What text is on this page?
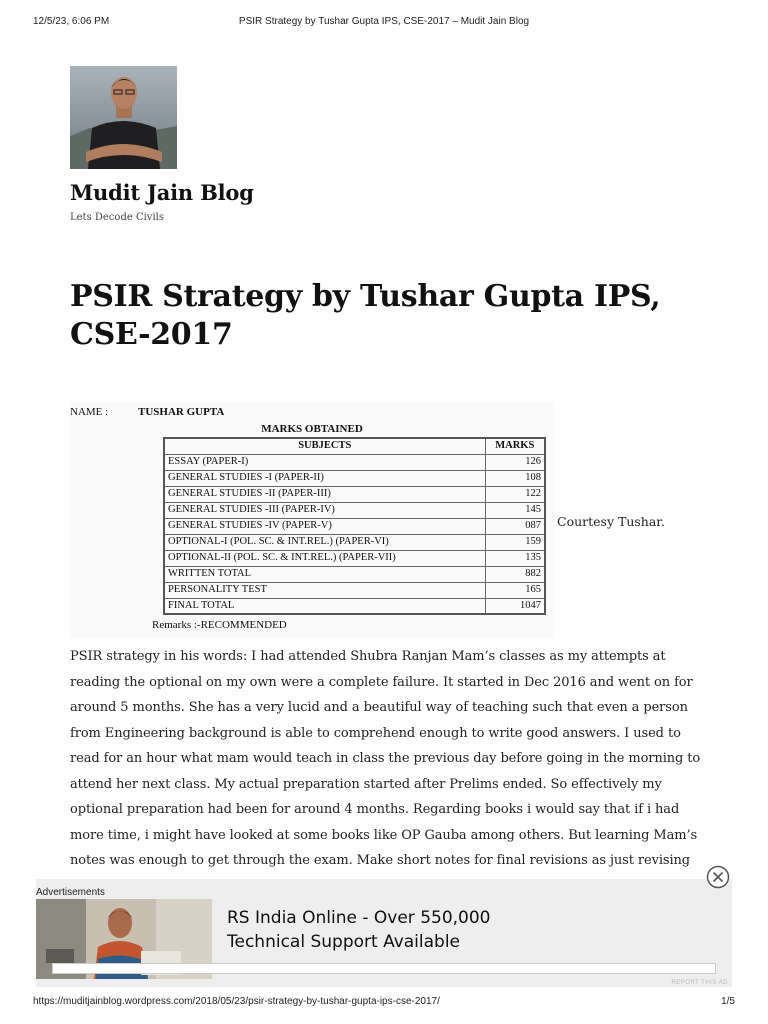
12/5/23, 6:06 PM	PSIR Strategy by Tushar Gupta IPS, CSE-2017 – Mudit Jain Blog
Mudit Jain Blog
Lets Decode Civils
PSIR Strategy by Tushar Gupta IPS, CSE-2017
NAME :	TUSHAR GUPTA
MARKS OBTAINED
SUBJECTS	MARKS
ESSAY (PAPER-I)	126
GENERAL STUDIES -I (PAPER-II)	108
GENERAL STUDIES -II (PAPER-III)	122
GENERAL STUDIES -III (PAPER-IV)	145
GENERAL STUDIES -IV (PAPER-V)	087
OPTIONAL-I (POL. SC. & INT.REL.) (PAPER-VI)	159
OPTIONAL-II (POL. SC. & INT.REL.) (PAPER-VII)	135
WRITTEN TOTAL	882
PERSONALITY TEST	165
FINAL TOTAL	1047
Remarks :-RECOMMENDED
Courtesy Tushar.

PSIR strategy in his words: I had attended Shubra Ranjan Mam’s classes as my attempts at reading the optional on my own were a complete failure. It started in Dec 2016 and went on for around 5 months. She has a very lucid and a beautiful way of teaching such that even a person from Engineering background is able to comprehend enough to write good answers. I used to read for an hour what mam would teach in class the previous day before going in the morning to attend her next class. My actual preparation started after Prelims ended. So effectively my optional preparation had been for around 4 months. Regarding books i would say that if i had more time, i might have looked at some books like OP Gauba among others. But learning Mam’s notes was enough to get through the exam. Make short notes for final revisions as just revising

Advertisements
RS India Online - Over 550,000 Technical Support Available
REPORT THIS AD
https://muditjainblog.wordpress.com/2018/05/23/psir-strategy-by-tushar-gupta-ips-cse-2017/	1/5
